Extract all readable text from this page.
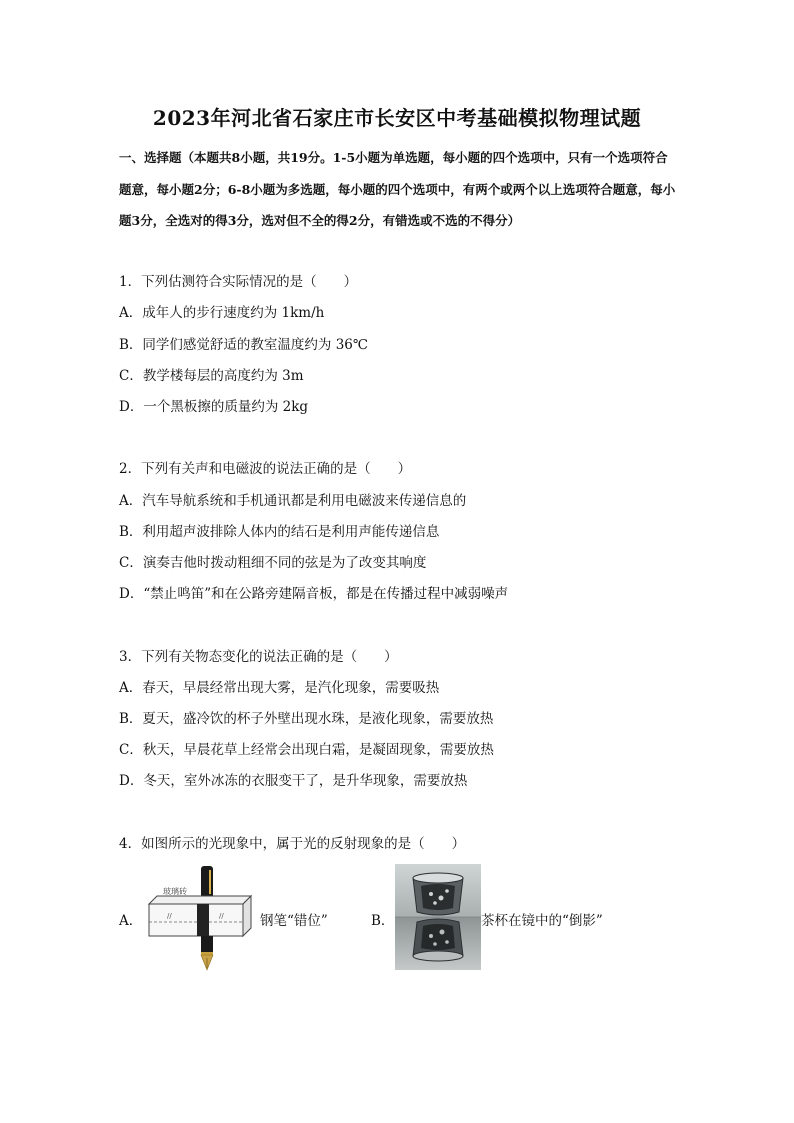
2023年河北省石家庄市长安区中考基础模拟物理试题
一、选择题（本题共8小题，共19分。1-5小题为单选题，每小题的四个选项中，只有一个选项符合题意，每小题2分；6-8小题为多选题，每小题的四个选项中，有两个或两个以上选项符合题意，每小题3分，全选对的得3分，选对但不全的得2分，有错选或不选的不得分）
1．下列估测符合实际情况的是（　　）
A．成年人的步行速度约为 1km/h
B．同学们感觉舒适的教室温度约为 36℃
C．教学楼每层的高度约为 3m
D．一个黑板擦的质量约为 2kg
2．下列有关声和电磁波的说法正确的是（　　）
A．汽车导航系统和手机通讯都是利用电磁波来传递信息的
B．利用超声波排除人体内的结石是利用声能传递信息
C．演奏吉他时拨动粗细不同的弦是为了改变其响度
D．“禁止鸣笛”和在公路旁建隔音板，都是在传播过程中减弱噪声
3．下列有关物态变化的说法正确的是（　　）
A．春天，早晨经常出现大雾，是汽化现象，需要吸热
B．夏天，盛冷饮的杯子外壁出现水珠，是液化现象，需要放热
C．秋天，早晨花草上经常会出现白霜，是凝固现象，需要放热
D．冬天，室外冰冻的衣服变干了，是升华现象，需要放热
4．如图所示的光现象中，属于光的反射现象的是（　　）
A．	//	//
玻璃砖
钢笔“错位”	B．	茶杯在镜中的“倒影”
